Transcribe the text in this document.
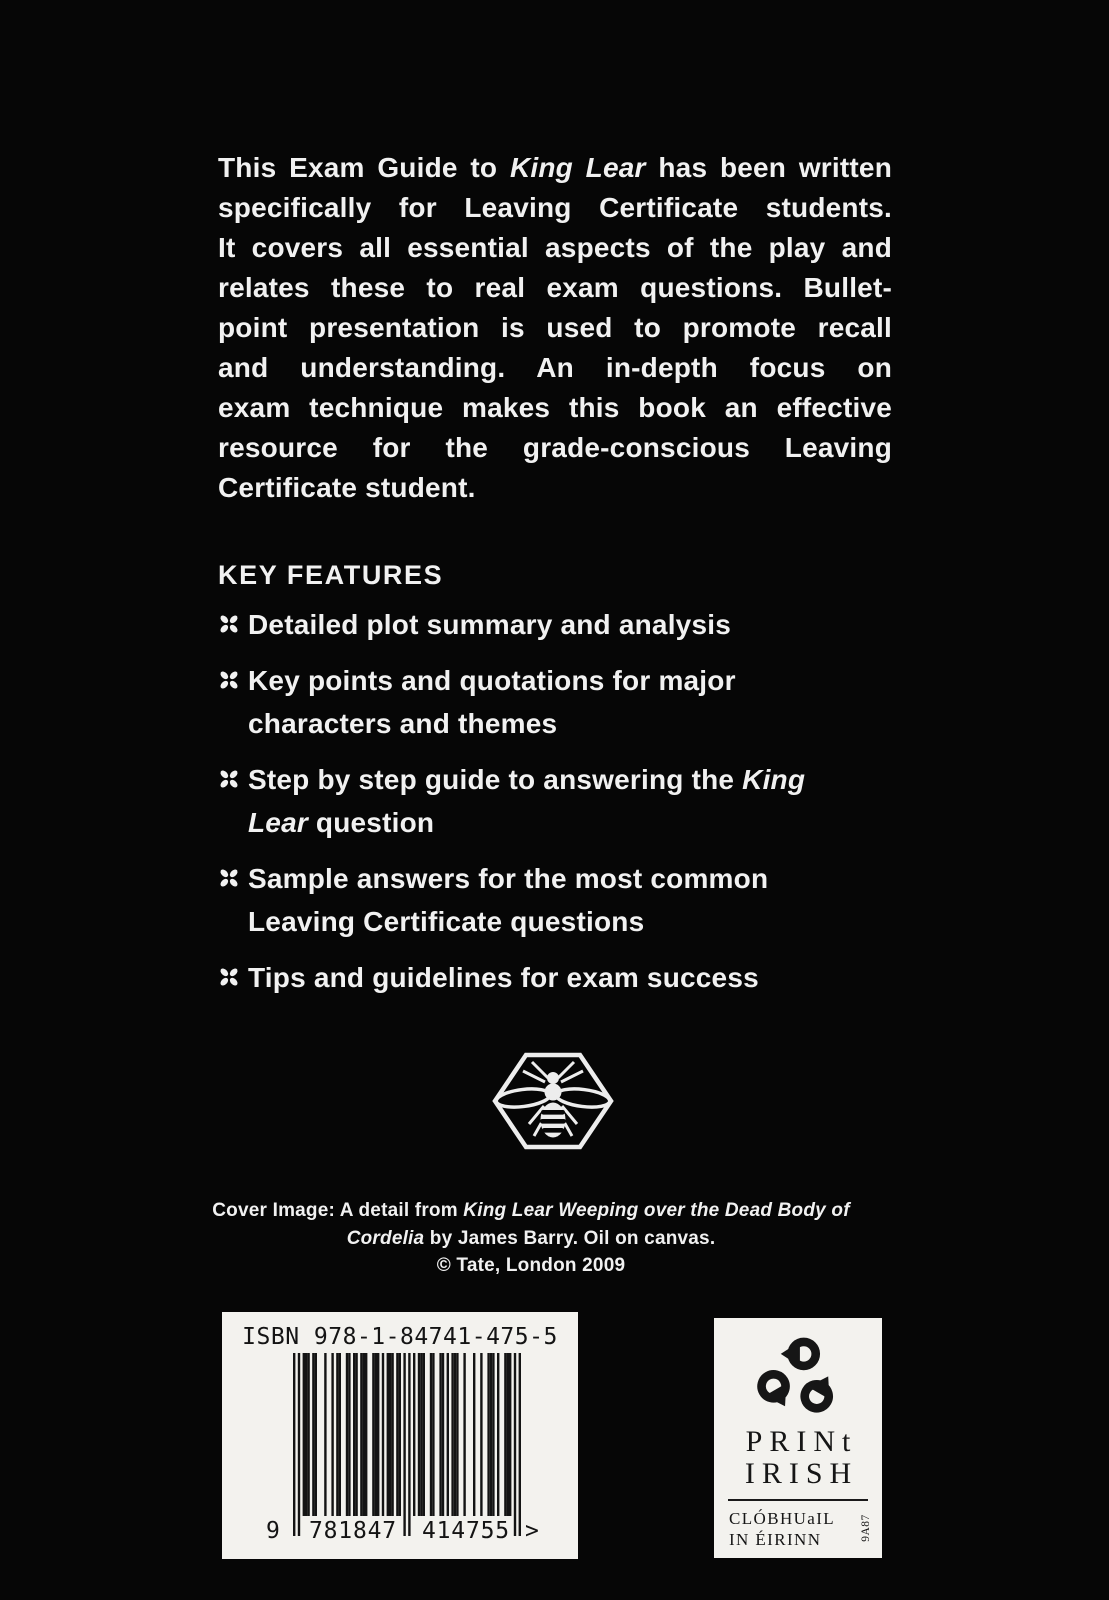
This Exam Guide to King Lear has been written
specifically for Leaving Certificate students.
It covers all essential aspects of the play and
relates these to real exam questions. Bullet-
point presentation is used to promote recall
and understanding. An in-depth focus on
exam technique makes this book an effective
resource for the grade-conscious Leaving
Certificate student.
KEY FEATURES
Detailed plot summary and analysis
Key points and quotations for major
characters and themes
Step by step guide to answering the King
Lear question
Sample answers for the most common
Leaving Certificate questions
Tips and guidelines for exam success
Cover Image: A detail from King Lear Weeping over the Dead Body of
Cordelia by James Barry. Oil on canvas.
© Tate, London 2009
ISBN 978-1-84741-475-5
9 781847 414755 >
PRINt
IRISH
CLÓBHUaIL
IN ÉIRINN	9A87
